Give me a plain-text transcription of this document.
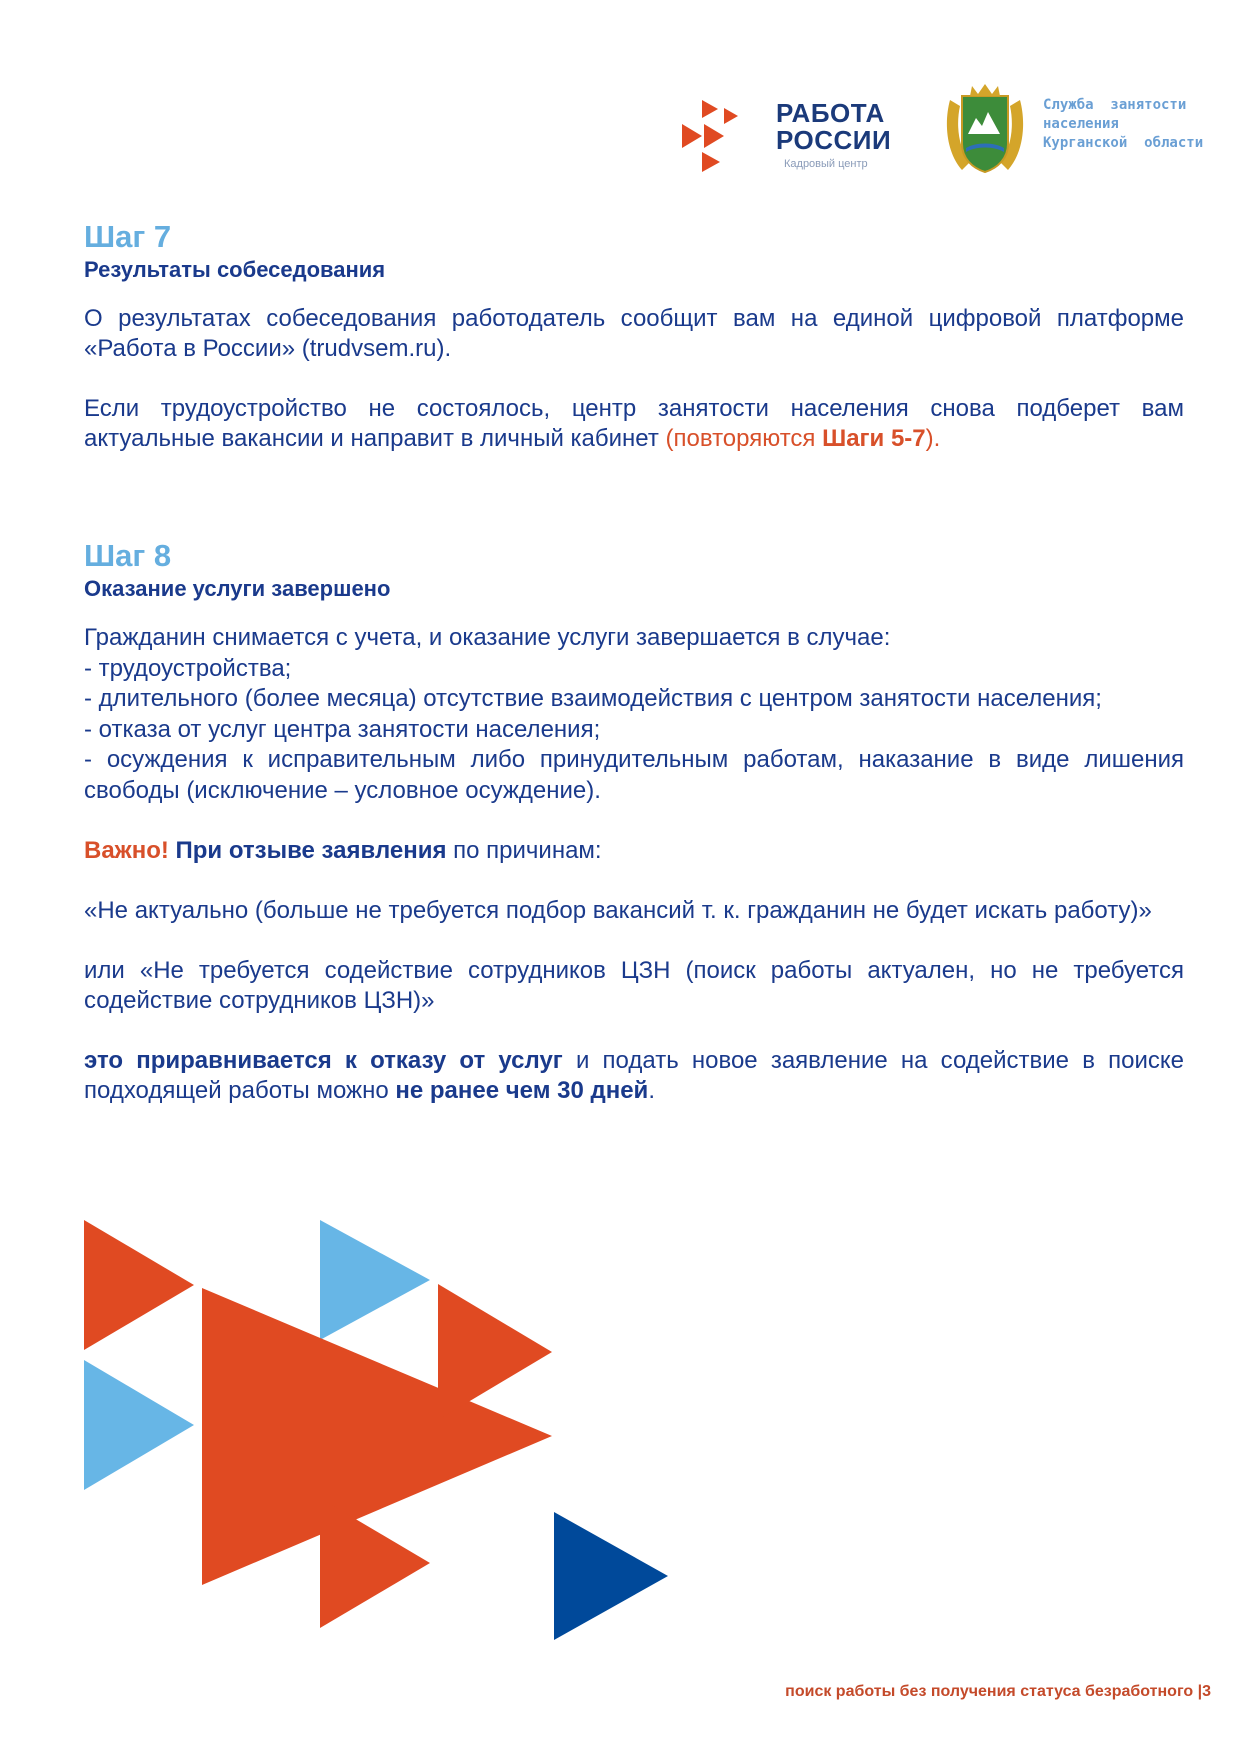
РАБОТА
РОССИИ
Кадровый центр
Служба  занятости
населения
Курганской  области
Шаг 7
Результаты собеседования

О результатах собеседования работодатель сообщит вам на единой цифровой платформе «Работа в России» (trudvsem.ru).

Если трудоустройство не состоялось, центр занятости населения снова подберет вам актуальные вакансии и направит в личный кабинет (повторяются Шаги 5-7).

Шаг 8
Оказание услуги завершено
Гражданин снимается с учета, и оказание услуги завершается в случае:
- трудоустройства;
- длительного (более месяца) отсутствие взаимодействия с центром занятости населения;
- отказа от услуг центра занятости населения;
- осуждения к исправительным либо принудительным работам, наказание в виде лишения свободы (исключение – условное осуждение).

Важно! При отзыве заявления по причинам:

«Не актуально (больше не требуется подбор вакансий т. к. гражданин не будет искать работу)»

или «Не требуется содействие сотрудников ЦЗН (поиск работы актуален, но не требуется содействие сотрудников ЦЗН)»

это приравнивается к отказу от услуг и подать новое заявление на содействие в поиске подходящей работы можно не ранее чем 30 дней.

поиск работы без получения статуса безработного |3
